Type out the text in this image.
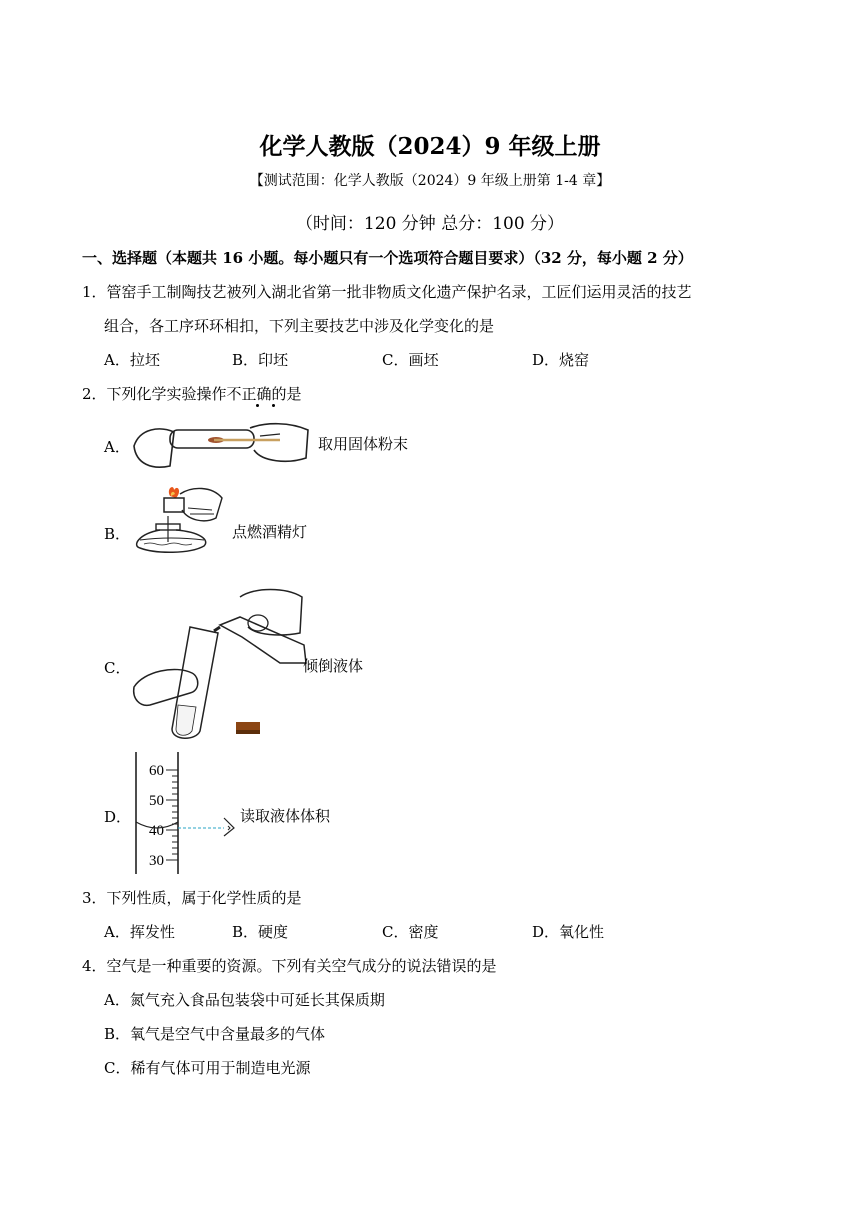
化学人教版（2024）9 年级上册
【测试范围：化学人教版（2024）9 年级上册第 1-4 章】
（时间：120 分钟 总分：100 分）
一、选择题（本题共 16 小题。每小题只有一个选项符合题目要求）（32 分，每小题 2 分）
1．管窑手工制陶技艺被列入湖北省第一批非物质文化遗产保护名录，工匠们运用灵活的技艺
组合，各工序环环相扣，下列主要技艺中涉及化学变化的是
A．拉坯	B．印坯	C．画坯	D．烧窑
2．下列化学实验操作不正确的是
A．	取用固体粉末
B．	点燃酒精灯
C．	倾倒液体
D．
60
50
40
30
读取液体体积
3．下列性质，属于化学性质的是
A．挥发性	B．硬度	C．密度	D．氧化性
4．空气是一种重要的资源。下列有关空气成分的说法错误的是
A．氮气充入食品包装袋中可延长其保质期
B．氧气是空气中含量最多的气体
C．稀有气体可用于制造电光源
